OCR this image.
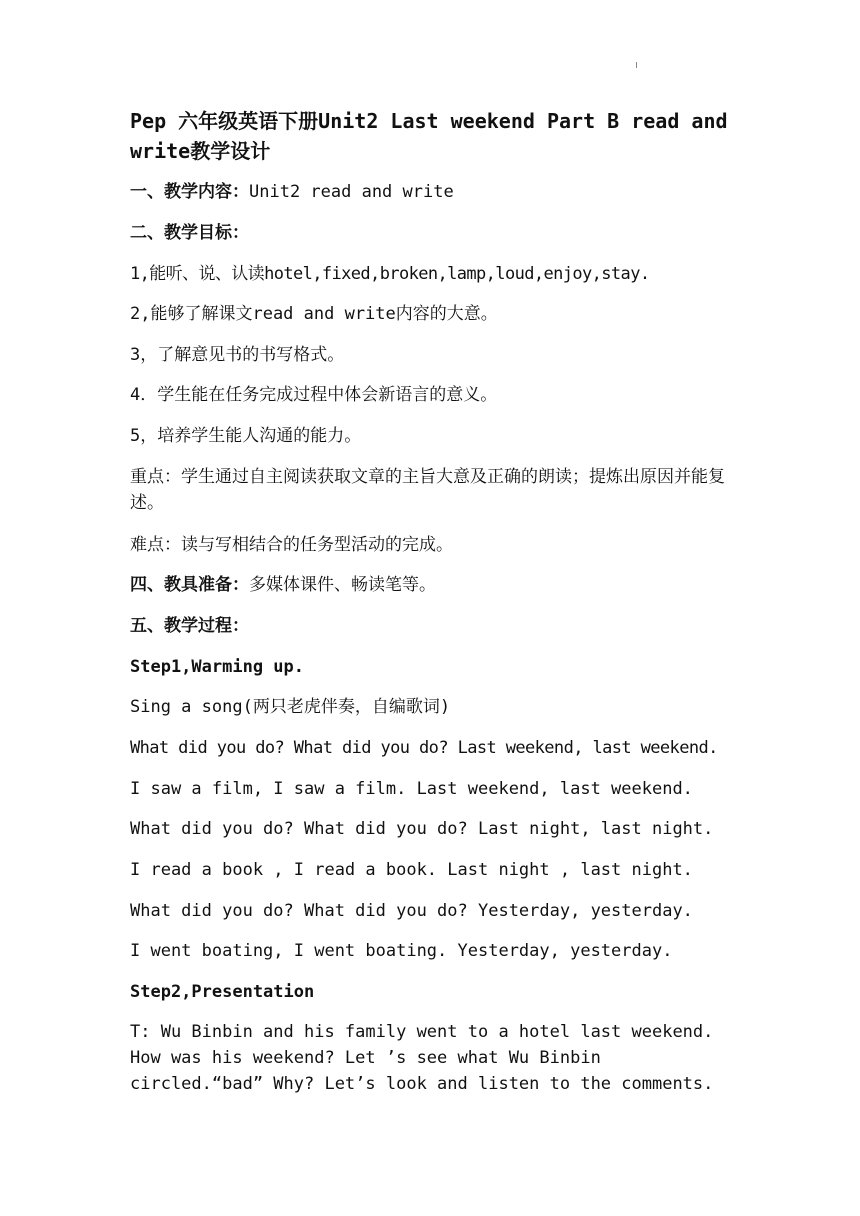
Pep 六年级英语下册Unit2 Last weekend Part B read and write教学设计
一、教学内容：Unit2 read and write
二、教学目标：
1,能听、说、认读hotel,fixed,broken,lamp,loud,enjoy,stay.
2,能够了解课文read and write内容的大意。
3，了解意见书的书写格式。
4．学生能在任务完成过程中体会新语言的意义。
5，培养学生能人沟通的能力。
重点：学生通过自主阅读获取文章的主旨大意及正确的朗读；提炼出原因并能复述。
难点：读与写相结合的任务型活动的完成。
四、教具准备：多媒体课件、畅读笔等。
五、教学过程：
Step1,Warming up.
Sing a song(两只老虎伴奏，自编歌词)
What did you do? What did you do? Last weekend, last weekend.
I saw a film, I saw a film. Last weekend, last weekend.
What did you do? What did you do? Last night, last night.
I read a book , I read a book. Last night , last night.
What did you do? What did you do? Yesterday, yesterday.
I went boating, I went boating. Yesterday, yesterday.
Step2,Presentation
T: Wu Binbin and his family went to a hotel last weekend. How was his weekend? Let ’s see what Wu Binbin circled.“bad” Why? Let’s look and listen to the comments.
